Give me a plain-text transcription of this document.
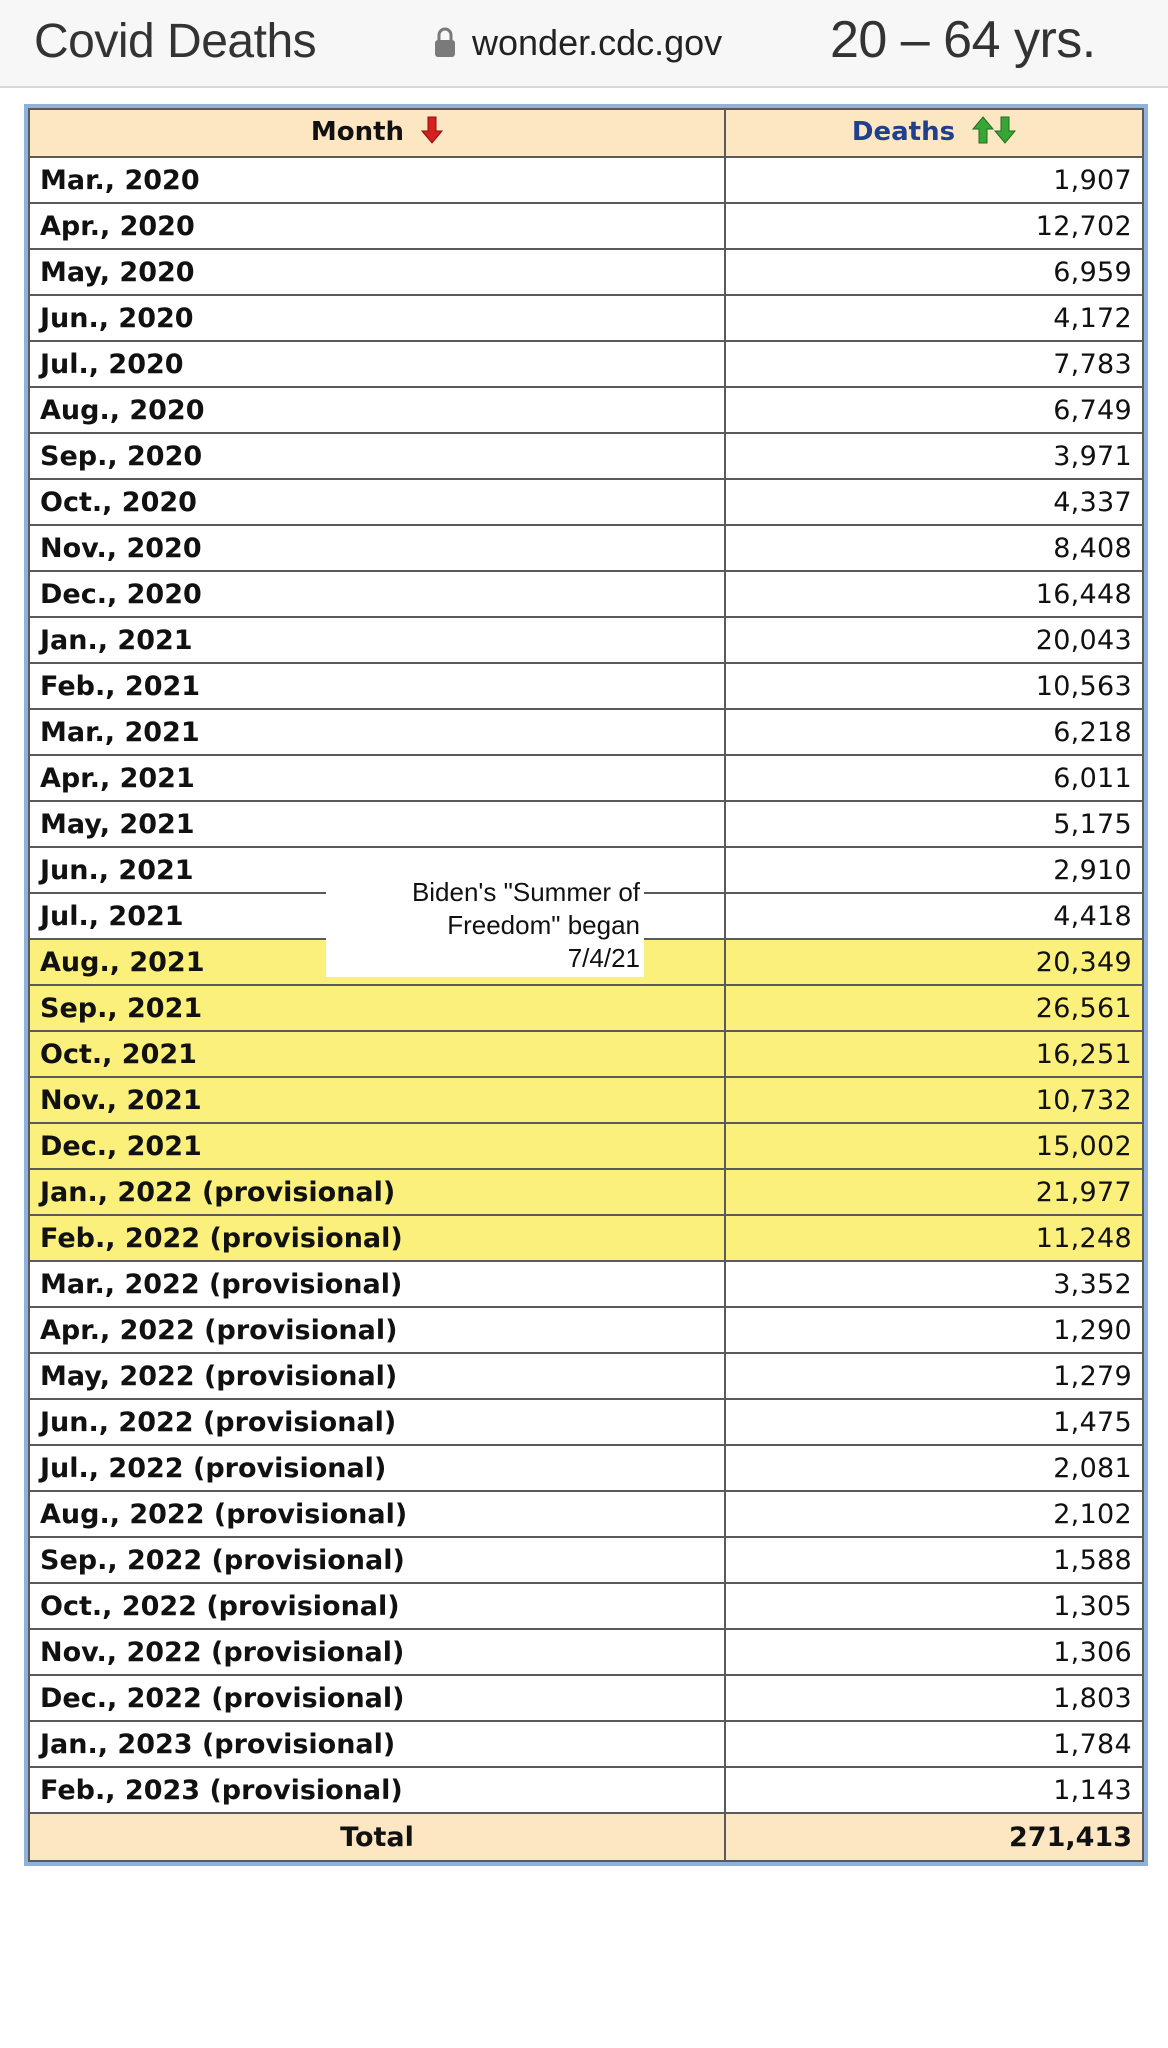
Covid Deaths	wonder.cdc.gov 20 – 64 yrs.
Month	Deaths
Mar., 2020	1,907
Apr., 2020	12,702
May, 2020	6,959
Jun., 2020	4,172
Jul., 2020	7,783
Aug., 2020	6,749
Sep., 2020	3,971
Oct., 2020	4,337
Nov., 2020	8,408
Dec., 2020	16,448
Jan., 2021	20,043
Feb., 2021	10,563
Mar., 2021	6,218
Apr., 2021	6,011
May, 2021	5,175
Jun., 2021	2,910
Jul., 2021	4,418
Aug., 2021	20,349
Sep., 2021	26,561
Oct., 2021	16,251
Nov., 2021	10,732
Dec., 2021	15,002
Jan., 2022 (provisional)	21,977
Feb., 2022 (provisional)	11,248
Mar., 2022 (provisional)	3,352
Apr., 2022 (provisional)	1,290
May, 2022 (provisional)	1,279
Jun., 2022 (provisional)	1,475
Jul., 2022 (provisional)	2,081
Aug., 2022 (provisional)	2,102
Sep., 2022 (provisional)	1,588
Oct., 2022 (provisional)	1,305
Nov., 2022 (provisional)	1,306
Dec., 2022 (provisional)	1,803
Jan., 2023 (provisional)	1,784
Feb., 2023 (provisional)	1,143
Total	271,413
Biden's "Summer of
Freedom" began
7/4/21
